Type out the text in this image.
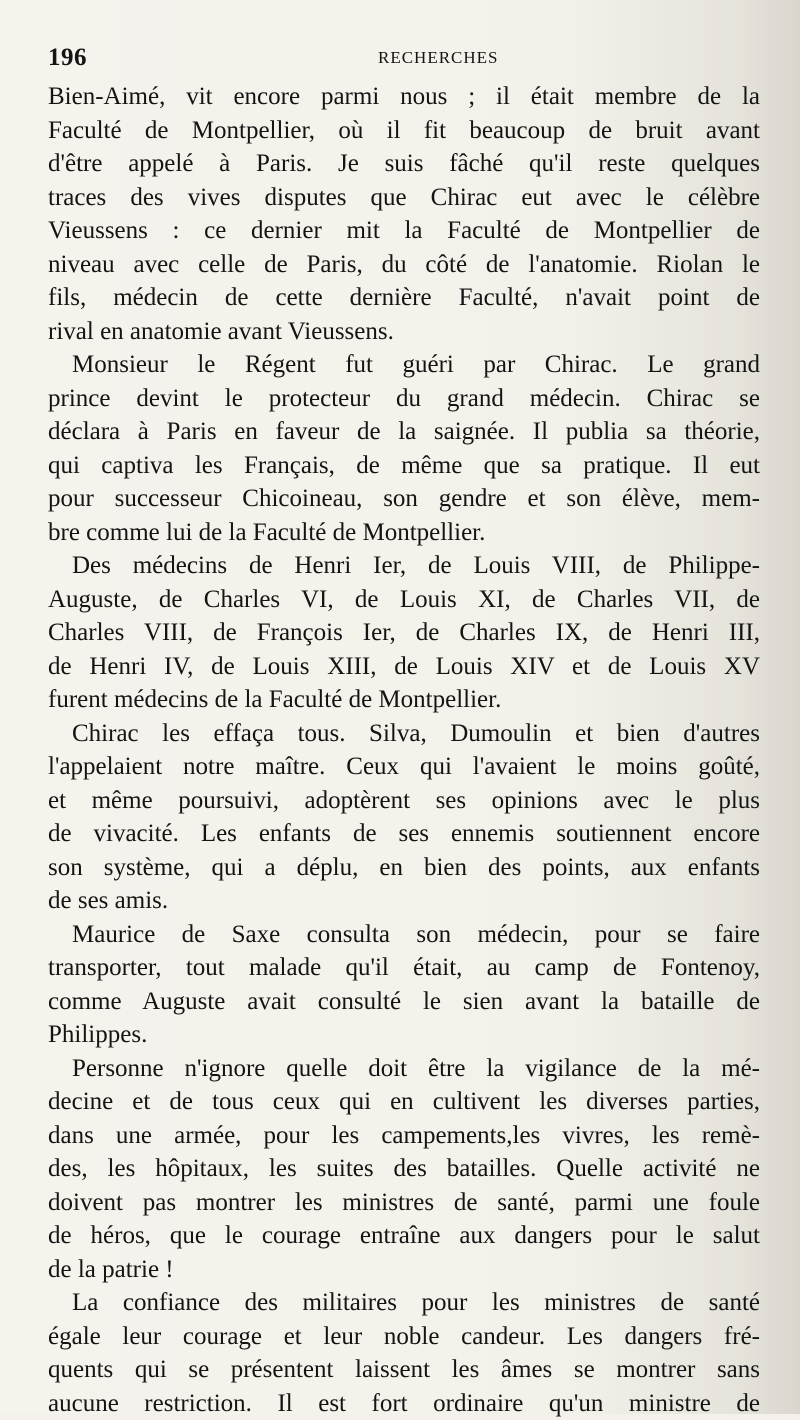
196	RECHERCHES
Bien-Aimé, vit encore parmi nous ; il était membre de la
Faculté de Montpellier, où il fit beaucoup de bruit avant
d'être appelé à Paris. Je suis fâché qu'il reste quelques
traces des vives disputes que Chirac eut avec le célèbre
Vieussens : ce dernier mit la Faculté de Montpellier de
niveau avec celle de Paris, du côté de l'anatomie. Riolan le
fils, médecin de cette dernière Faculté, n'avait point de
rival en anatomie avant Vieussens.
Monsieur le Régent fut guéri par Chirac. Le grand
prince devint le protecteur du grand médecin. Chirac se
déclara à Paris en faveur de la saignée. Il publia sa théorie,
qui captiva les Français, de même que sa pratique. Il eut
pour successeur Chicoineau, son gendre et son élève, mem-
bre comme lui de la Faculté de Montpellier.
Des médecins de Henri Ier, de Louis VIII, de Philippe-
Auguste, de Charles VI, de Louis XI, de Charles VII, de
Charles VIII, de François Ier, de Charles IX, de Henri III,
de Henri IV, de Louis XIII, de Louis XIV et de Louis XV
furent médecins de la Faculté de Montpellier.
Chirac les effaça tous. Silva, Dumoulin et bien d'autres
l'appelaient notre maître. Ceux qui l'avaient le moins goûté,
et même poursuivi, adoptèrent ses opinions avec le plus
de vivacité. Les enfants de ses ennemis soutiennent encore
son système, qui a déplu, en bien des points, aux enfants
de ses amis.
Maurice de Saxe consulta son médecin, pour se faire
transporter, tout malade qu'il était, au camp de Fontenoy,
comme Auguste avait consulté le sien avant la bataille de
Philippes.
Personne n'ignore quelle doit être la vigilance de la mé-
decine et de tous ceux qui en cultivent les diverses parties,
dans une armée, pour les campements,les vivres, les remè-
des, les hôpitaux, les suites des batailles. Quelle activité ne
doivent pas montrer les ministres de santé, parmi une foule
de héros, que le courage entraîne aux dangers pour le salut
de la patrie !
La confiance des militaires pour les ministres de santé
égale leur courage et leur noble candeur. Les dangers fré-
quents qui se présentent laissent les âmes se montrer sans
aucune restriction. Il est fort ordinaire qu'un ministre de
